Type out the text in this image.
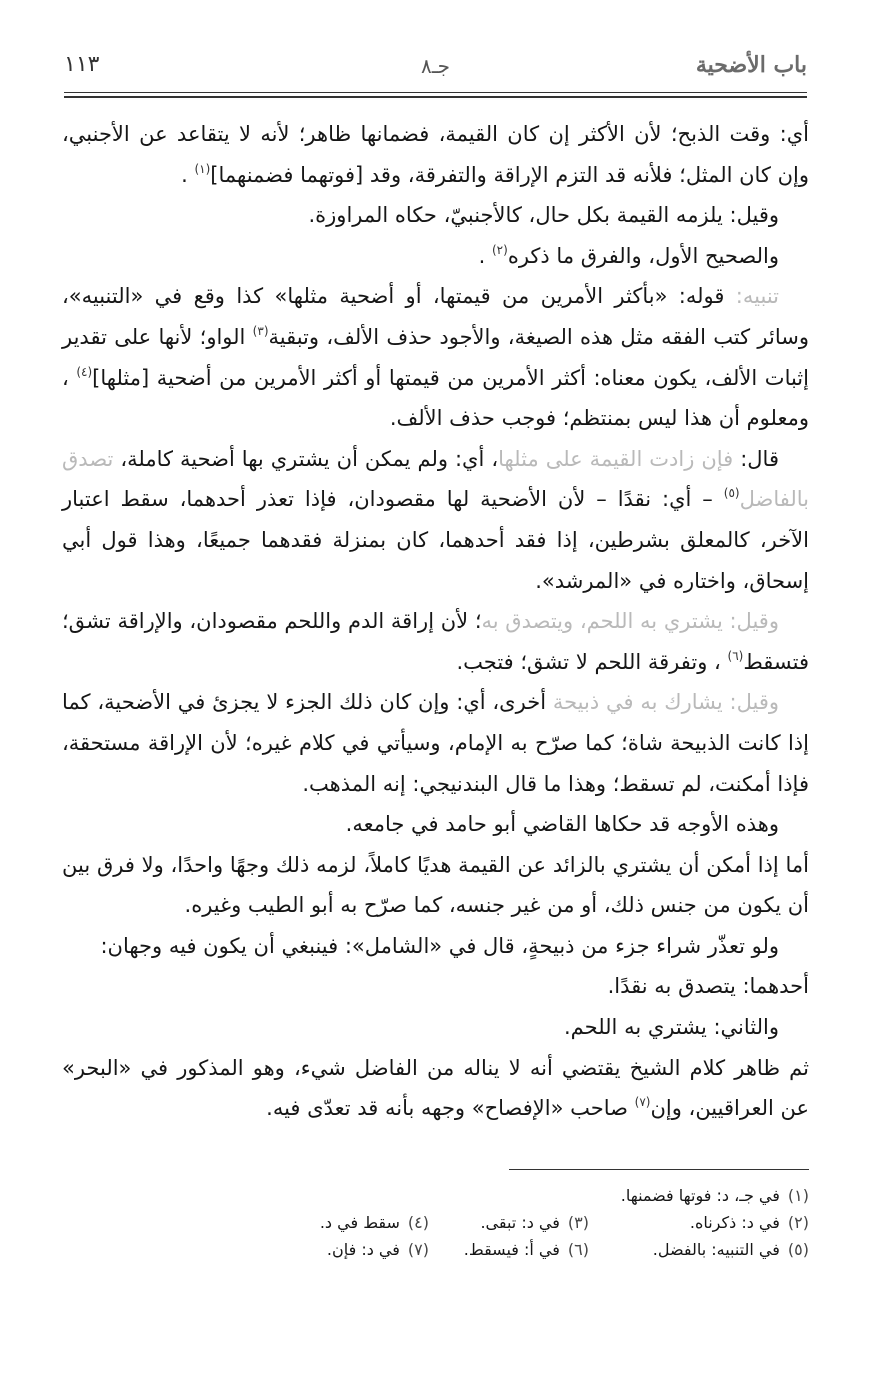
باب الأضحية
جـ٨
١١٣

أي: وقت الذبح؛ لأن الأكثر إن كان القيمة، فضمانها ظاهر؛ لأنه لا يتقاعد عن الأجنبي، وإن كان المثل؛ فلأنه قد التزم الإراقة والتفرقة، وقد [فوتهما فضمنهما]$^{(١)}$ .

وقيل: يلزمه القيمة بكل حال، كالأجنبيّ، حكاه المراوزة.

والصحيح الأول، والفرق ما ذكره$^{(٢)}$ .

تنبيه: قوله: «بأكثر الأمرين من قيمتها، أو أضحية مثلها» كذا وقع في «التنبيه»، وسائر كتب الفقه مثل هذه الصيغة، والأجود حذف الألف، وتبقية$^{(٣)}$ الواو؛ لأنها على تقدير إثبات الألف، يكون معناه: أكثر الأمرين من قيمتها أو أكثر الأمرين من أضحية [مثلها]$^{(٤)}$ ، ومعلوم أن هذا ليس بمنتظم؛ فوجب حذف الألف.

قال: فإن زادت القيمة على مثلها، أي: ولم يمكن أن يشتري بها أضحية كاملة، تصدق بالفاضل$^{(٥)}$ – أي: نقدًا – لأن الأضحية لها مقصودان، فإذا تعذر أحدهما، سقط اعتبار الآخر، كالمعلق بشرطين، إذا فقد أحدهما، كان بمنزلة فقدهما جميعًا، وهذا قول أبي إسحاق، واختاره في «المرشد».

وقيل: يشتري به اللحم، ويتصدق به؛ لأن إراقة الدم واللحم مقصودان، والإراقة تشق؛ فتسقط$^{(٦)}$ ، وتفرقة اللحم لا تشق؛ فتجب.

وقيل: يشارك به في ذبيحة أخرى، أي: وإن كان ذلك الجزء لا يجزئ في الأضحية، كما إذا كانت الذبيحة شاة؛ كما صرّح به الإمام، وسيأتي في كلام غيره؛ لأن الإراقة مستحقة، فإذا أمكنت، لم تسقط؛ وهذا ما قال البندنيجي: إنه المذهب.

وهذه الأوجه قد حكاها القاضي أبو حامد في جامعه.

أما إذا أمكن أن يشتري بالزائد عن القيمة هديًا كاملاً، لزمه ذلك وجهًا واحدًا، ولا فرق بين أن يكون من جنس ذلك، أو من غير جنسه، كما صرّح به أبو الطيب وغيره.

ولو تعذّر شراء جزء من ذبيحةٍ، قال في «الشامل»: فينبغي أن يكون فيه وجهان:

أحدهما: يتصدق به نقدًا.

والثاني: يشتري به اللحم.

ثم ظاهر كلام الشيخ يقتضي أنه لا يناله من الفاضل شيء، وهو المذكور في «البحر» عن العراقيين، وإن$^{(٧)}$ صاحب «الإفصاح» وجهه بأنه قد تعدّى فيه.

(١)في جـ، د: فوتها فضمنها.
(٢)في د: ذكرناه.
(٣)في د: تبقى.
(٤)سقط في د.
(٥)في التنبيه: بالفضل.
(٦)في أ: فيسقط.
(٧)في د: فإن.
